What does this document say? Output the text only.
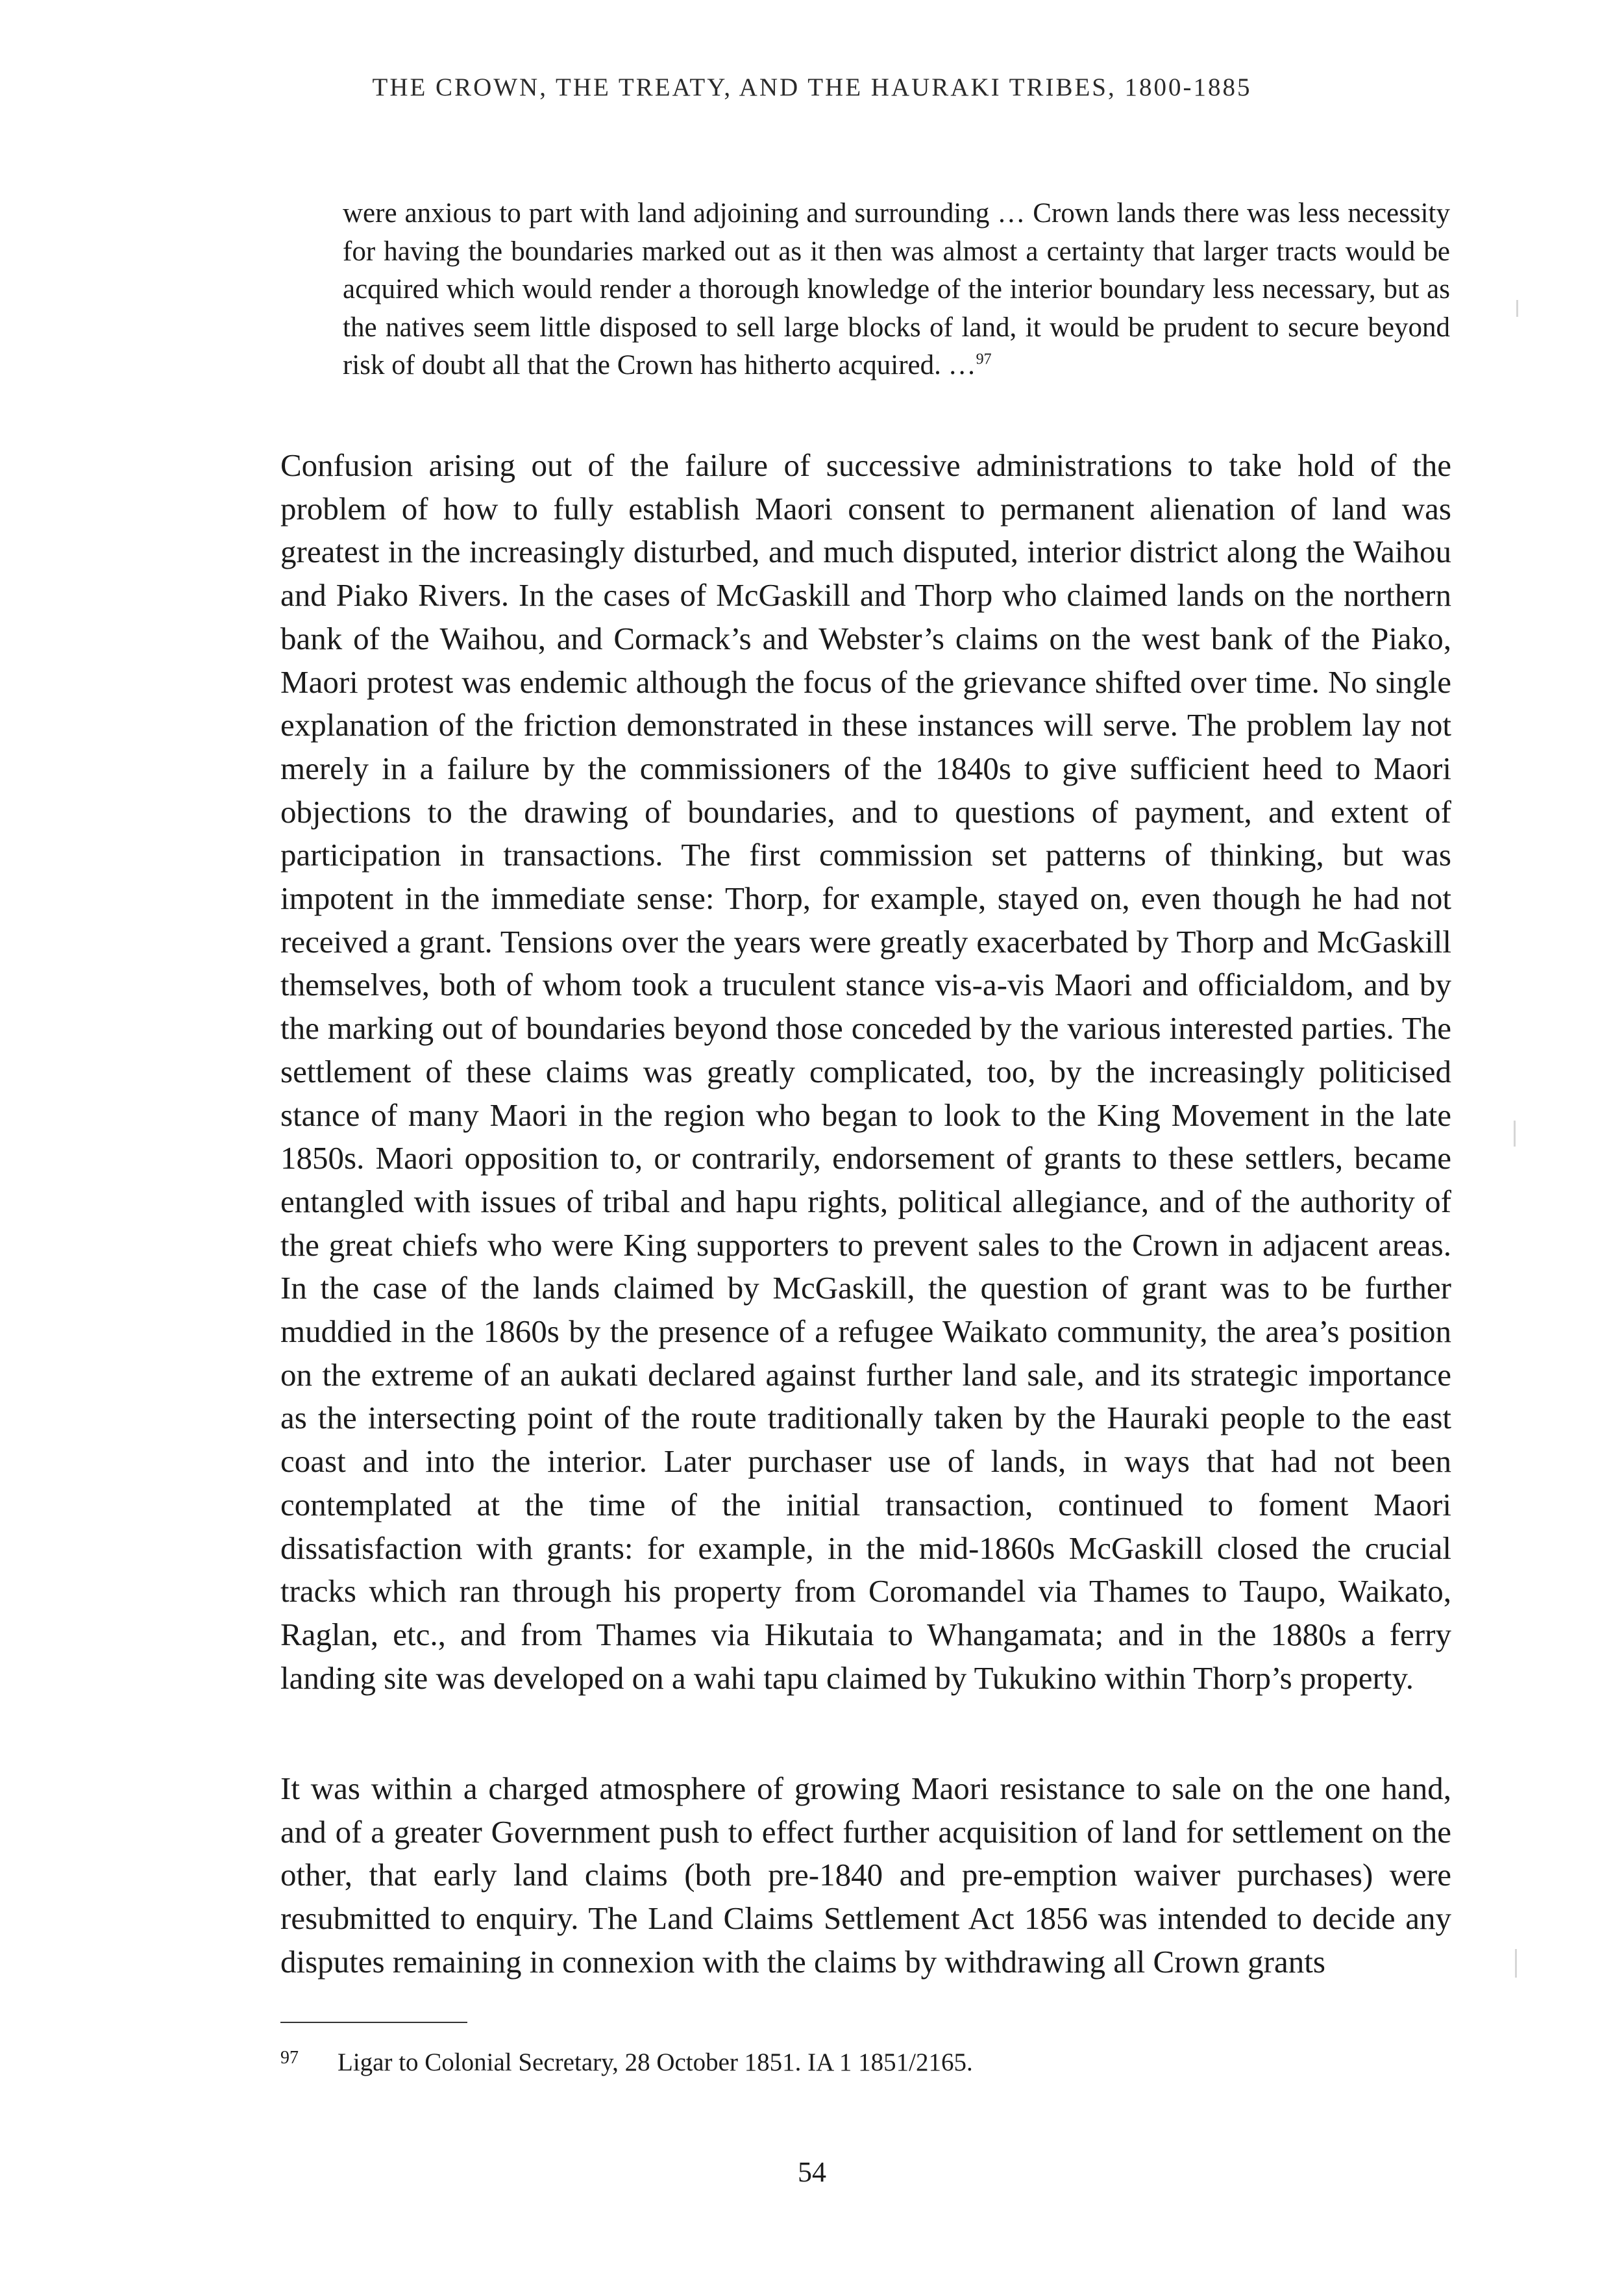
THE CROWN, THE TREATY, AND THE HAURAKI TRIBES, 1800-1885
were anxious to part with land adjoining and surrounding … Crown lands there was less necessity for having the boundaries marked out as it then was almost a certainty that larger tracts would be acquired which would render a thorough knowledge of the interior boundary less necessary, but as the natives seem little disposed to sell large blocks of land, it would be prudent to secure beyond risk of doubt all that the Crown has hitherto acquired. …$^{97}$

Confusion arising out of the failure of successive administrations to take hold of the problem of how to fully establish Maori consent to permanent alienation of land was greatest in the increasingly disturbed, and much disputed, interior district along the Waihou and Piako Rivers. In the cases of McGaskill and Thorp who claimed lands on the northern bank of the Waihou, and Cormack’s and Webster’s claims on the west bank of the Piako, Maori protest was endemic although the focus of the grievance shifted over time. No single explanation of the friction demonstrated in these instances will serve. The problem lay not merely in a failure by the commissioners of the 1840s to give sufficient heed to Maori objections to the drawing of boundaries, and to questions of payment, and extent of participation in transactions. The first commission set patterns of thinking, but was impotent in the immediate sense: Thorp, for example, stayed on, even though he had not received a grant. Tensions over the years were greatly exacerbated by Thorp and McGaskill themselves, both of whom took a truculent stance vis-a-vis Maori and officialdom, and by the marking out of boundaries beyond those conceded by the various interested parties. The settlement of these claims was greatly complicated, too, by the increasingly politicised stance of many Maori in the region who began to look to the King Movement in the late 1850s. Maori opposition to, or contrarily, endorsement of grants to these settlers, became entangled with issues of tribal and hapu rights, political allegiance, and of the authority of the great chiefs who were King supporters to prevent sales to the Crown in adjacent areas. In the case of the lands claimed by McGaskill, the question of grant was to be further muddied in the 1860s by the presence of a refugee Waikato community, the area’s position on the extreme of an aukati declared against further land sale, and its strategic importance as the intersecting point of the route traditionally taken by the Hauraki people to the east coast and into the interior. Later purchaser use of lands, in ways that had not been contemplated at the time of the initial transaction, continued to foment Maori dissatisfaction with grants: for example, in the mid-1860s McGaskill closed the crucial tracks which ran through his property from Coromandel via Thames to Taupo, Waikato, Raglan, etc., and from Thames via Hikutaia to Whangamata; and in the 1880s a ferry landing site was developed on a wahi tapu claimed by Tukukino within Thorp’s property.

It was within a charged atmosphere of growing Maori resistance to sale on the one hand, and of a greater Government push to effect further acquisition of land for settlement on the other, that early land claims (both pre-1840 and pre-emption waiver purchases) were resubmitted to enquiry. The Land Claims Settlement Act 1856 was intended to decide any disputes remaining in connexion with the claims by withdrawing all Crown grants

97 Ligar to Colonial Secretary, 28 October 1851. IA 1 1851/2165.
54
